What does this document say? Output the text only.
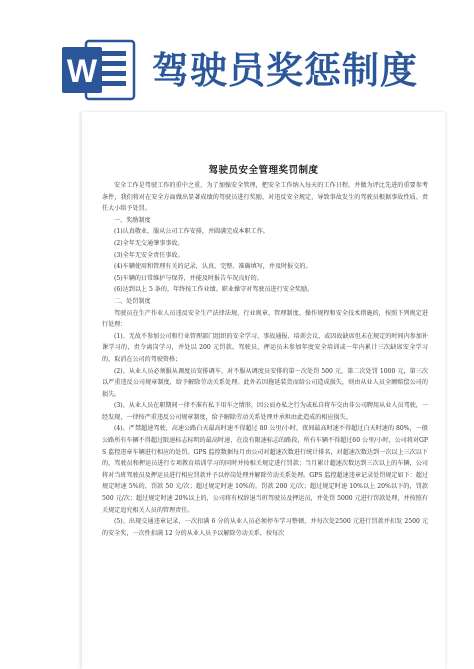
W 驾驶员奖惩制度
驾驶员安全管理奖罚制度

安全工作是驾驶工作的重中之重，为了加强安全管理，把安全工作纳入每天的工作日程，并做为评比先进的重要参考条件，我们将对在安全方面做出显著成绩的驾驶员进行奖励，对违反安全规定，导致事故发生的驾驶员根据事故性质、责任大小给予处罚。

一、奖励制度

(1)认真敬业，服从公司工作安排，并圆满完成本职工作。

(2)全年无交通肇事事故。

(3)全年无安全责任事故。

(4)车辆使用和管理有关的记录，认真、完整、准确填写，并及时报交的。

(5)车辆的日常维护与保养，并能及时报告车况良好的。

(6)达到以上 5 条的，年终按工作业绩、职业操守对驾驶员进行安全奖励。

二、处罚制度

驾驶员在生产作业人员违反安全生产法律法规、行业规章、管理制度、操作规程和安全技术措施的，按照下列规定进行处理：

(1)、无故不参加公司和行业管理部门组织的安全学习、事故通报、培训会议，或因故缺席但未在规定的时间内参加补课学习的，责令离岗学习，并处以 200 元罚款。驾驶员、押运员未参加年度安全培训或一年内累计三次缺席安全学习的，取消在公司的驾驶资格；

(2)、从业人员必须服从调度员安排调车，对不服从调度员安排的第一次处罚 500 元，第二次处罚 1000 元，第三次以严重违反公司规章制度，给予解除劳动关系处理。此外若因拖延装货而给公司造成损失，则由从业人员全额赔偿公司的损失。

(3)、从业人员在职期间一律不准有私下用车之情形，因公而办私之行为或私自将车交由非公司聘用从业人员驾驶，一经发现，一律按严重违反公司规章制度，给予解除劳动关系处理并承担由此造成的相应损失。

(4)、严禁超速驾驶，高速公路白天最高时速不得超过 80 公里/小时，夜间最高时速不得超过白天时速的 80%，一般公路所有车辆不得超过限速标志标明的最高时速，在没有限速标志的路段，所有车辆不得超过60 公里/小时，公司将对GPS 监控违章车辆进行相应的处罚。GPS 监控数据每月由公司对超速次数进行统计排名，对超速次数达到一次以上三次以下的，驾驶员和押运员进行专项教育培训学习的同时并按相关规定进行罚款；当月累计超速次数达到三次以上的车辆，公司将对当班驾驶员及押运员进行相应罚款并予以停岗处理并解除劳动关系处理。GPS 监控超速违章记录处罚规定如下：超过规定时速 5%的，罚款 50 元/次；超过规定时速 10%的，罚款 200 元/次；超过规定时速 10%以上 20%以下的，罚款 500 元/次；超过规定时速 20%以上的，公司将有权辞退当班驾驶员及押运员，并处罚 5000 元进行罚款处理，并按照有关规定追究相关人员的管理责任。

(5)、出现交通违章记录，一次扣满 6 分的从业人员必须停车学习整顿，并每次处2500 元进行罚款并扣发 2500 元的安全奖，一次性扣满 12 分的从业人员予以解除劳动关系，按每次
